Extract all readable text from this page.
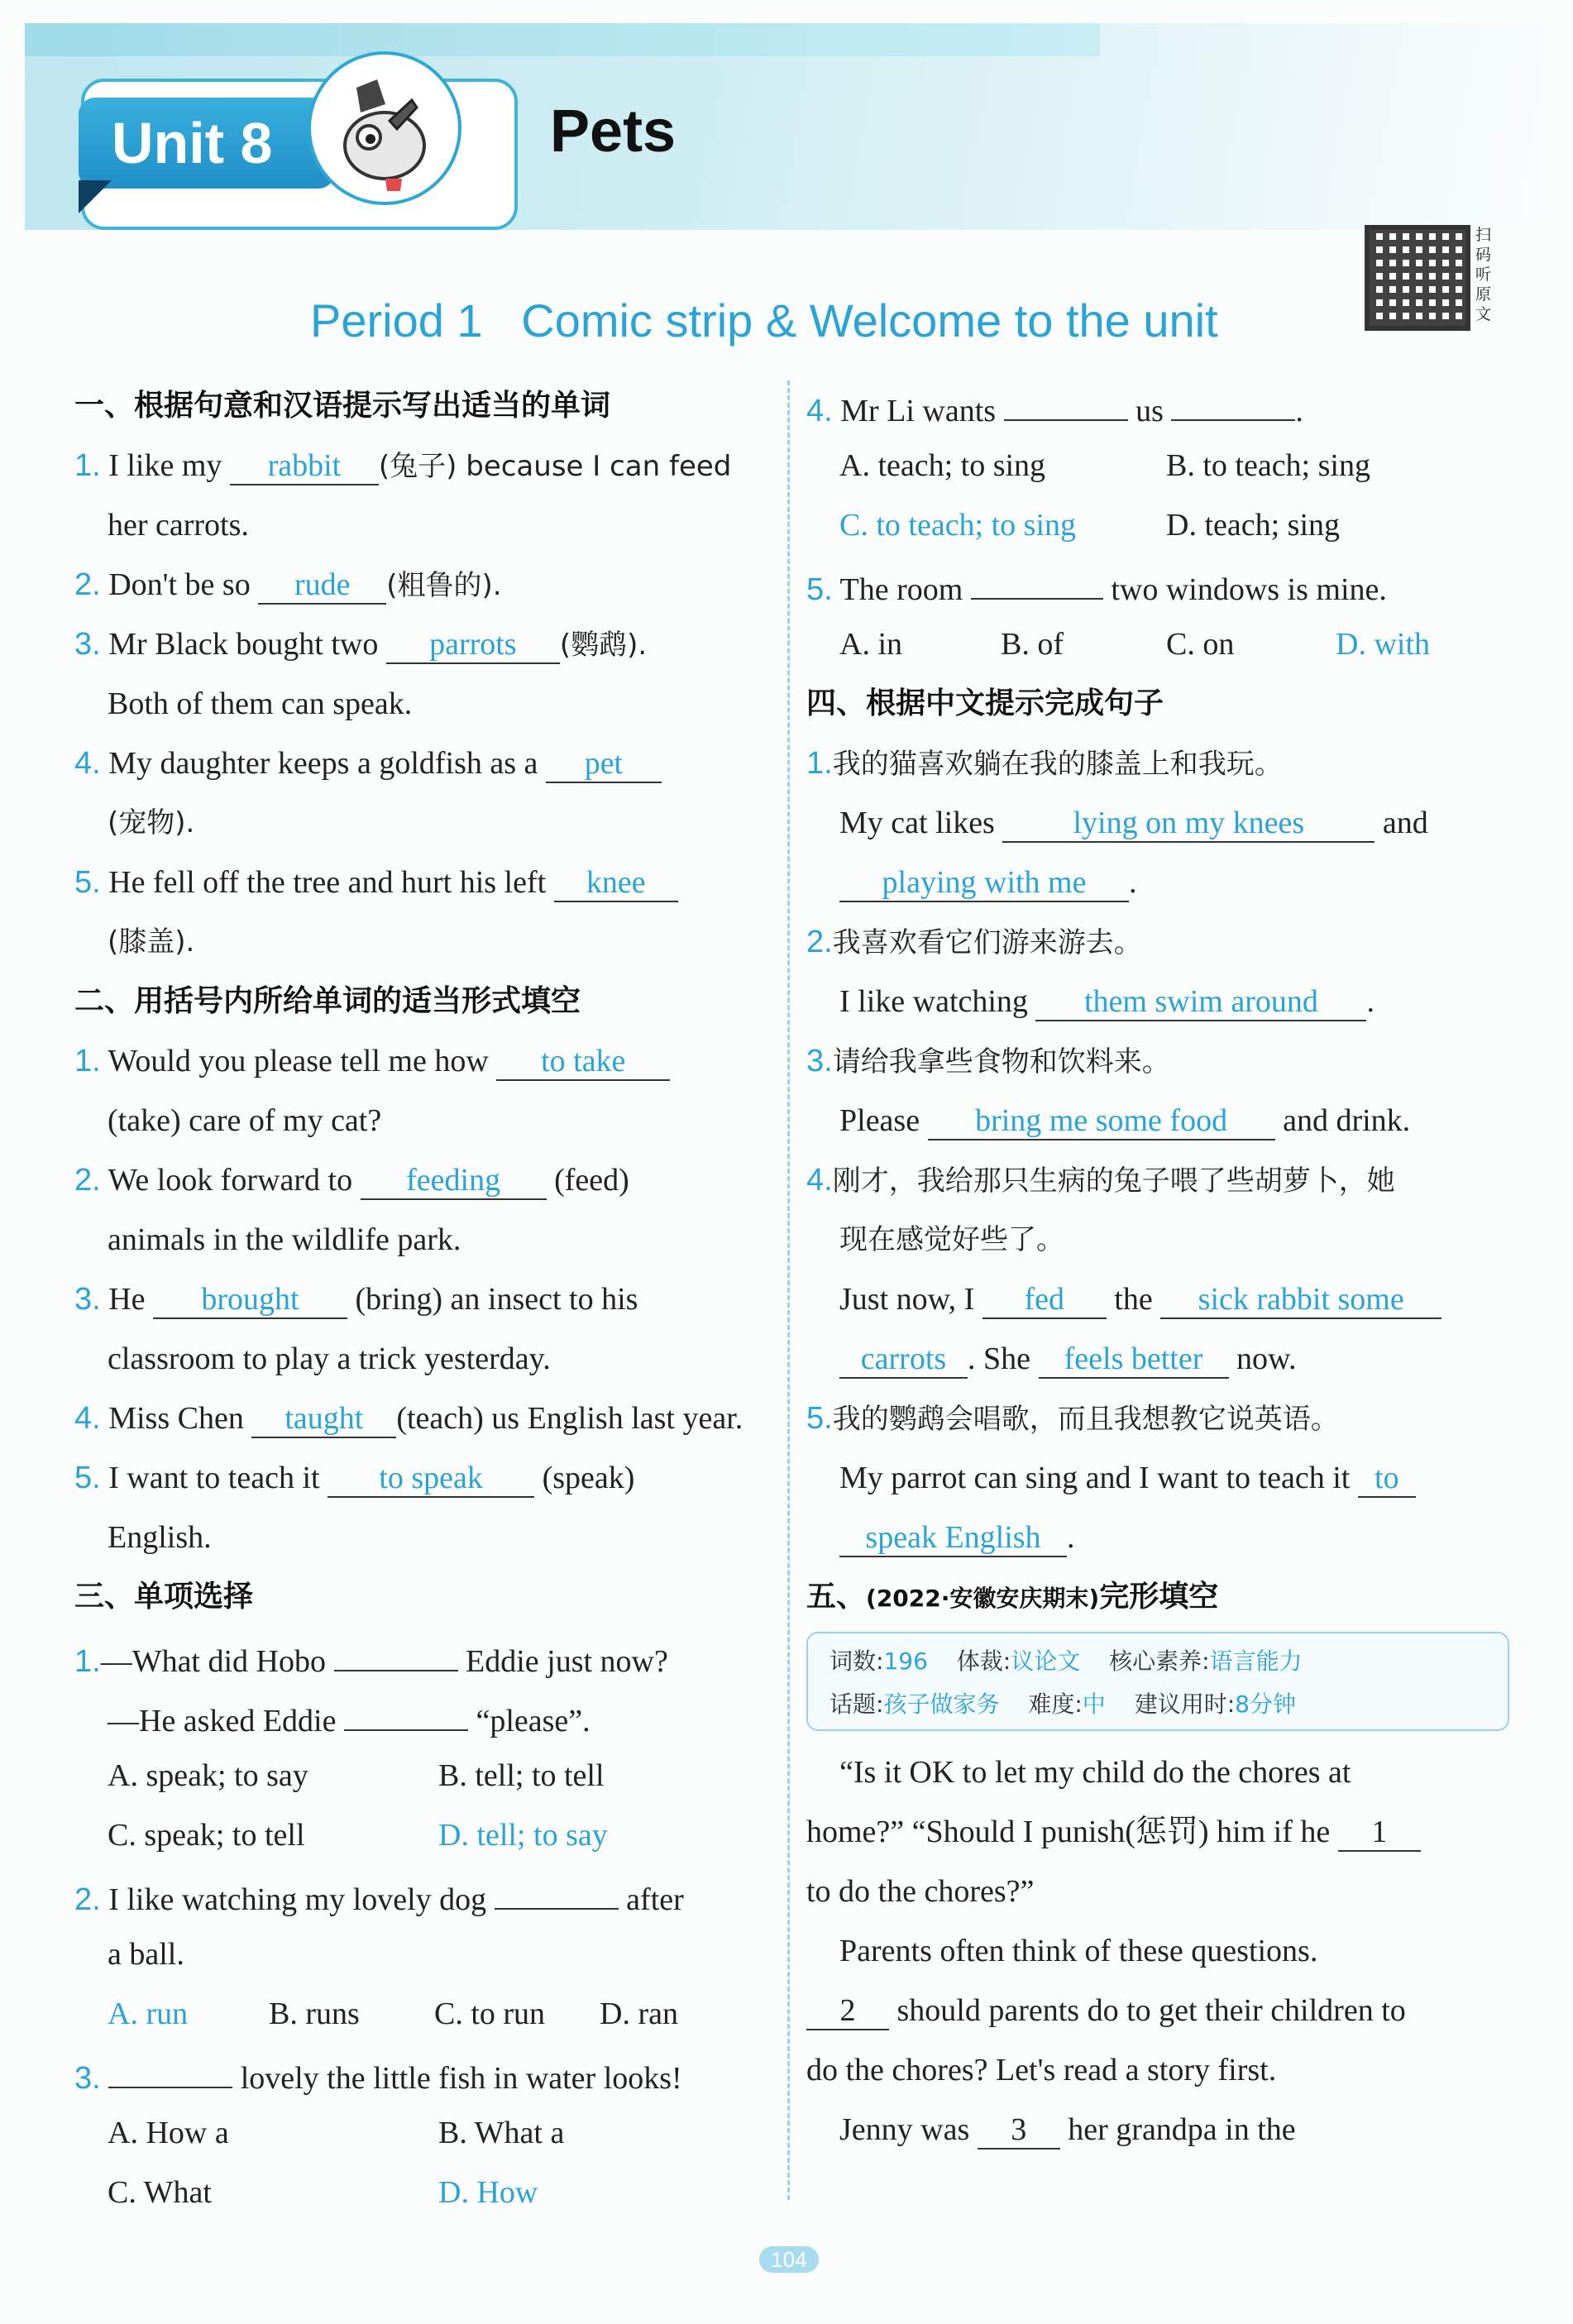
Unit 8	Pets
扫码听原文
Period 1   Comic strip & Welcome to the unit
一、根据句意和汉语提示写出适当的单词
1. I like my rabbit (兔子) because I can feed
her carrots.
2. Don't be so rude (粗鲁的).
3. Mr Black bought two parrots (鹦鹉).
Both of them can speak.
4. My daughter keeps a goldfish as a pet
(宠物).
5. He fell off the tree and hurt his left knee
(膝盖).
二、用括号内所给单词的适当形式填空
1. Would you please tell me how to take
(take) care of my cat?
2. We look forward to feeding (feed)
animals in the wildlife park.
3. He brought (bring) an insect to his
classroom to play a trick yesterday.
4. Miss Chen taught (teach) us English last year.
5. I want to teach it to speak (speak)
English.
三、单项选择
1.—What did Hobo	Eddie just now?
—He asked Eddie	“please”.
A. speak; to say	B. tell; to tell
C. speak; to tell	D. tell; to say
2. I like watching my lovely dog	after
a ball.
A. run	B. runs C. to run D. ran
3.	lovely the little fish in water looks!
A. How a	B. What a
C. What	D. How
4. Mr Li wants	us	.
A. teach; to sing	B. to teach; sing
C. to teach; to sing	D. teach; sing
5. The room	two windows is mine.
A. in	B. of	C. on	D. with
四、根据中文提示完成句子
1.我的猫喜欢躺在我的膝盖上和我玩。
My cat likes lying on my knees and
playing with me .
2.我喜欢看它们游来游去。
I like watching them swim around .
3.请给我拿些食物和饮料来。
Please bring me some food and drink.
4.刚才，我给那只生病的兔子喂了些胡萝卜，她
现在感觉好些了。
Just now, I fed the sick rabbit some
carrots . She feels better now.
5.我的鹦鹉会唱歌，而且我想教它说英语。
My parrot can sing and I want to teach it to
speak English .
五、(2022·安徽安庆期末)完形填空
词数:196 体裁:议论文 核心素养:语言能力
话题:孩子做家务 难度:中 建议用时:8分钟
“Is it OK to let my child do the chores at
home?” “Should I punish(惩罚) him if he 1
to do the chores?”
Parents often think of these questions.
2 should parents do to get their children to
do the chores? Let's read a story first.
Jenny was 3 her grandpa in the
104
